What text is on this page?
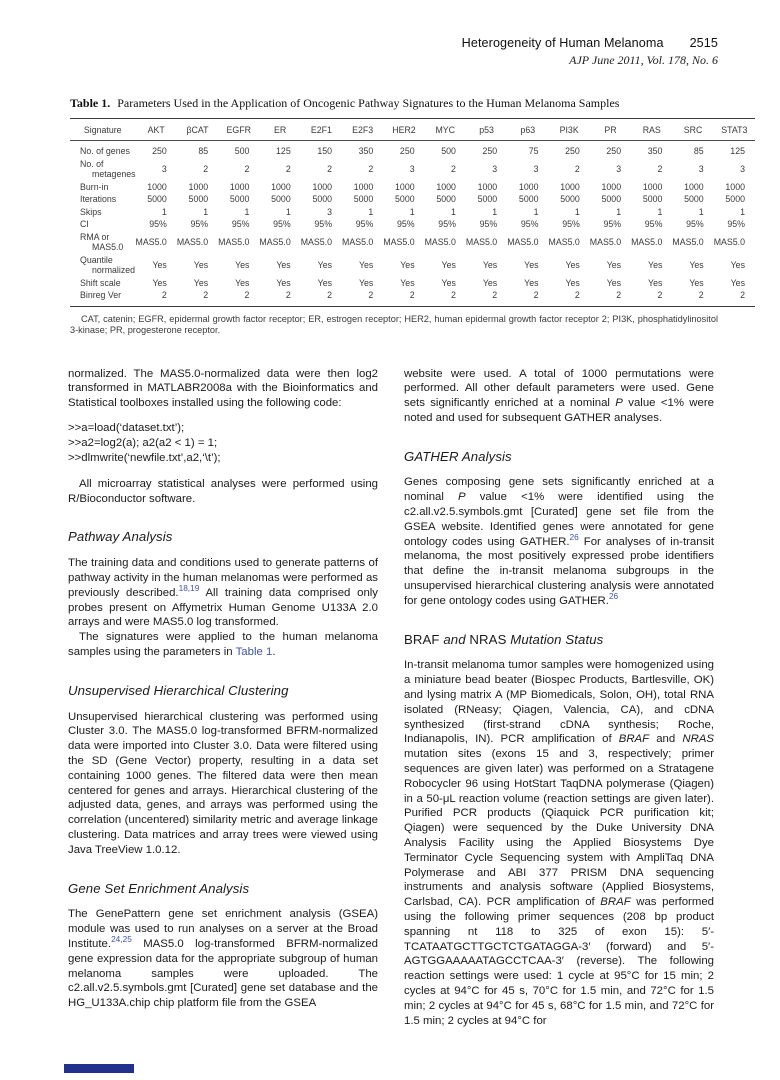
Heterogeneity of Human Melanoma 2515
AJP June 2011, Vol. 178, No. 6
Table 1. Parameters Used in the Application of Oncogenic Pathway Signatures to the Human Melanoma Samples
Signature	AKT	βCAT	EGFR	ER	E2F1	E2F3	HER2	MYC	p53	p63	PI3K	PR	RAS	SRC	STAT3
No. of genes	250	85	500	125	150	350	250	500	250	75	250	250	350	85	125
No. of metagenes	3	2	2	2	2	2	3	2	3	3	2	3	2	3	3
Burn-in	1000	1000	1000	1000	1000	1000	1000	1000	1000	1000	1000	1000	1000	1000	1000
Iterations	5000	5000	5000	5000	5000	5000	5000	5000	5000	5000	5000	5000	5000	5000	5000
Skips	1	1	1	1	3	1	1	1	1	1	1	1	1	1	1
CI	95%	95%	95%	95%	95%	95%	95%	95%	95%	95%	95%	95%	95%	95%	95%
RMA or MAS5.0	MAS5.0	MAS5.0	MAS5.0	MAS5.0	MAS5.0	MAS5.0	MAS5.0	MAS5.0	MAS5.0	MAS5.0	MAS5.0	MAS5.0	MAS5.0	MAS5.0	MAS5.0
Quantile normalized	Yes	Yes	Yes	Yes	Yes	Yes	Yes	Yes	Yes	Yes	Yes	Yes	Yes	Yes	Yes
Shift scale	Yes	Yes	Yes	Yes	Yes	Yes	Yes	Yes	Yes	Yes	Yes	Yes	Yes	Yes	Yes
Binreg Ver	2	2	2	2	2	2	2	2	2	2	2	2	2	2	2
CAT, catenin; EGFR, epidermal growth factor receptor; ER, estrogen receptor; HER2, human epidermal growth factor receptor 2; PI3K, phosphatidylinositol 3-kinase; PR, progesterone receptor.

normalized. The MAS5.0-normalized data were then log2 transformed in MATLABR2008a with the Bioinformatics and Statistical toolboxes installed using the following code:

>>a=load(‘dataset.txt’);
>>a2=log2(a); a2(a2 < 1) = 1;
>>dlmwrite(‘newfile.txt’,a2,‘\t’);

All microarray statistical analyses were performed using R/Bioconductor software.

Pathway Analysis

The training data and conditions used to generate patterns of pathway activity in the human melanomas were performed as previously described.$^{18,19}$ All training data comprised only probes present on Affymetrix Human Genome U133A 2.0 arrays and were MAS5.0 log transformed.

The signatures were applied to the human melanoma samples using the parameters in Table 1.

Unsupervised Hierarchical Clustering

Unsupervised hierarchical clustering was performed using Cluster 3.0. The MAS5.0 log-transformed BFRM-normalized data were imported into Cluster 3.0. Data were filtered using the SD (Gene Vector) property, resulting in a data set containing 1000 genes. The filtered data were then mean centered for genes and arrays. Hierarchical clustering of the adjusted data, genes, and arrays was performed using the correlation (uncentered) similarity metric and average linkage clustering. Data matrices and array trees were viewed using Java TreeView 1.0.12.

Gene Set Enrichment Analysis

The GenePattern gene set enrichment analysis (GSEA) module was used to run analyses on a server at the Broad Institute.$^{24,25}$ MAS5.0 log-transformed BFRM-normalized gene expression data for the appropriate subgroup of human melanoma samples were uploaded. The c2.all.v2.5.symbols.gmt [Curated] gene set database and the HG_U133A.chip chip platform file from the GSEA

website were used. A total of 1000 permutations were performed. All other default parameters were used. Gene sets significantly enriched at a nominal P value <1% were noted and used for subsequent GATHER analyses.

GATHER Analysis

Genes composing gene sets significantly enriched at a nominal P value <1% were identified using the c2.all.v2.5.symbols.gmt [Curated] gene set file from the GSEA website. Identified genes were annotated for gene ontology codes using GATHER.$^{26}$ For analyses of in-transit melanoma, the most positively expressed probe identifiers that define the in-transit melanoma subgroups in the unsupervised hierarchical clustering analysis were annotated for gene ontology codes using GATHER.$^{26}$

BRAF and NRAS Mutation Status

In-transit melanoma tumor samples were homogenized using a miniature bead beater (Biospec Products, Bartlesville, OK) and lysing matrix A (MP Biomedicals, Solon, OH), total RNA isolated (RNeasy; Qiagen, Valencia, CA), and cDNA synthesized (first-strand cDNA synthesis; Roche, Indianapolis, IN). PCR amplification of BRAF and NRAS mutation sites (exons 15 and 3, respectively; primer sequences are given later) was performed on a Stratagene Robocycler 96 using HotStart TaqDNA polymerase (Qiagen) in a 50-μL reaction volume (reaction settings are given later). Purified PCR products (Qiaquick PCR purification kit; Qiagen) were sequenced by the Duke University DNA Analysis Facility using the Applied Biosystems Dye Terminator Cycle Sequencing system with AmpliTaq DNA Polymerase and ABI 377 PRISM DNA sequencing instruments and analysis software (Applied Biosystems, Carlsbad, CA). PCR amplification of BRAF was performed using the following primer sequences (208 bp product spanning nt 118 to 325 of exon 15): 5′-TCATAATGCTTGCTCTGATAGGA-3′ (forward) and 5′-AGTGGAAAAATAGCCTCAA-3′ (reverse). The following reaction settings were used: 1 cycle at 95°C for 15 min; 2 cycles at 94°C for 45 s, 70°C for 1.5 min, and 72°C for 1.5 min; 2 cycles at 94°C for 45 s, 68°C for 1.5 min, and 72°C for 1.5 min; 2 cycles at 94°C for
